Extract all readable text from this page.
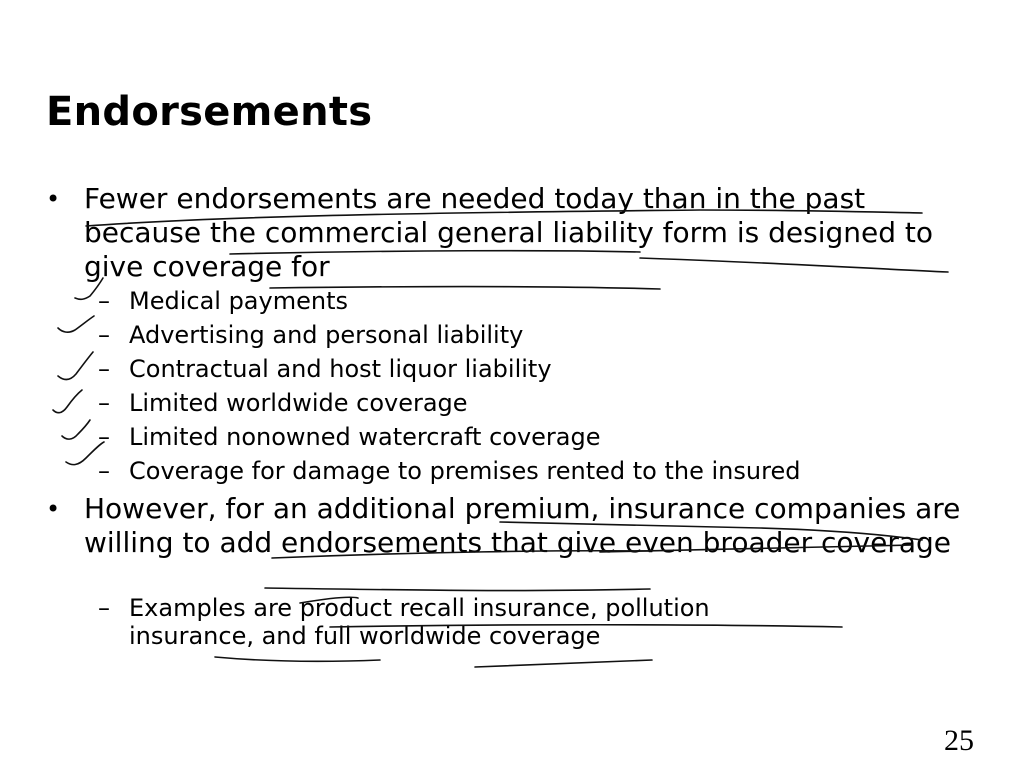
Endorsements
• Fewer endorsements are needed today than in the past because the commercial general liability form is designed to give coverage for
– Medical payments
– Advertising and personal liability
– Contractual and host liquor liability
– Limited worldwide coverage
– Limited nonowned watercraft coverage
– Coverage for damage to premises rented to the insured
• However, for an additional premium, insurance companies are willing to add endorsements that give even broader coverage
– Examples are product recall insurance, pollution insurance, and full worldwide coverage
25
